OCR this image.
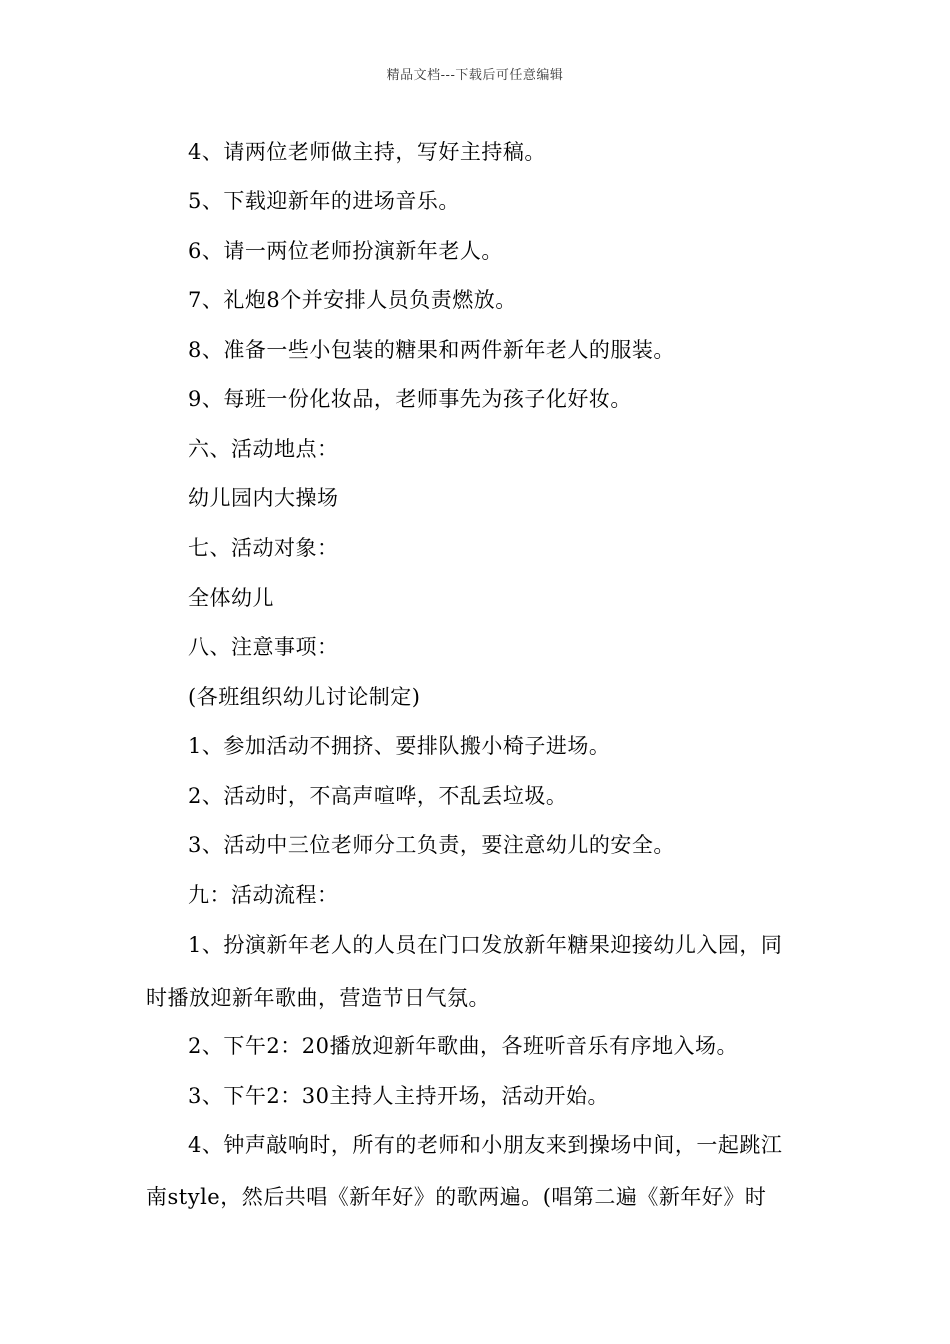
精品文档---下载后可任意编辑
4、请两位老师做主持，写好主持稿。
5、下载迎新年的进场音乐。
6、请一两位老师扮演新年老人。
7、礼炮8个并安排人员负责燃放。
8、准备一些小包装的糖果和两件新年老人的服装。
9、每班一份化妆品，老师事先为孩子化好妆。
六、活动地点：
幼儿园内大操场
七、活动对象：
全体幼儿
八、注意事项：
(各班组织幼儿讨论制定)
1、参加活动不拥挤、要排队搬小椅子进场。
2、活动时，不高声喧哗，不乱丢垃圾。
3、活动中三位老师分工负责，要注意幼儿的安全。
九：活动流程：
1、扮演新年老人的人员在门口发放新年糖果迎接幼儿入园，同
时播放迎新年歌曲，营造节日气氛。
2、下午2：20播放迎新年歌曲，各班听音乐有序地入场。
3、下午2：30主持人主持开场，活动开始。
4、钟声敲响时，所有的老师和小朋友来到操场中间，一起跳江
南style，然后共唱《新年好》的歌两遍。(唱第二遍《新年好》时
